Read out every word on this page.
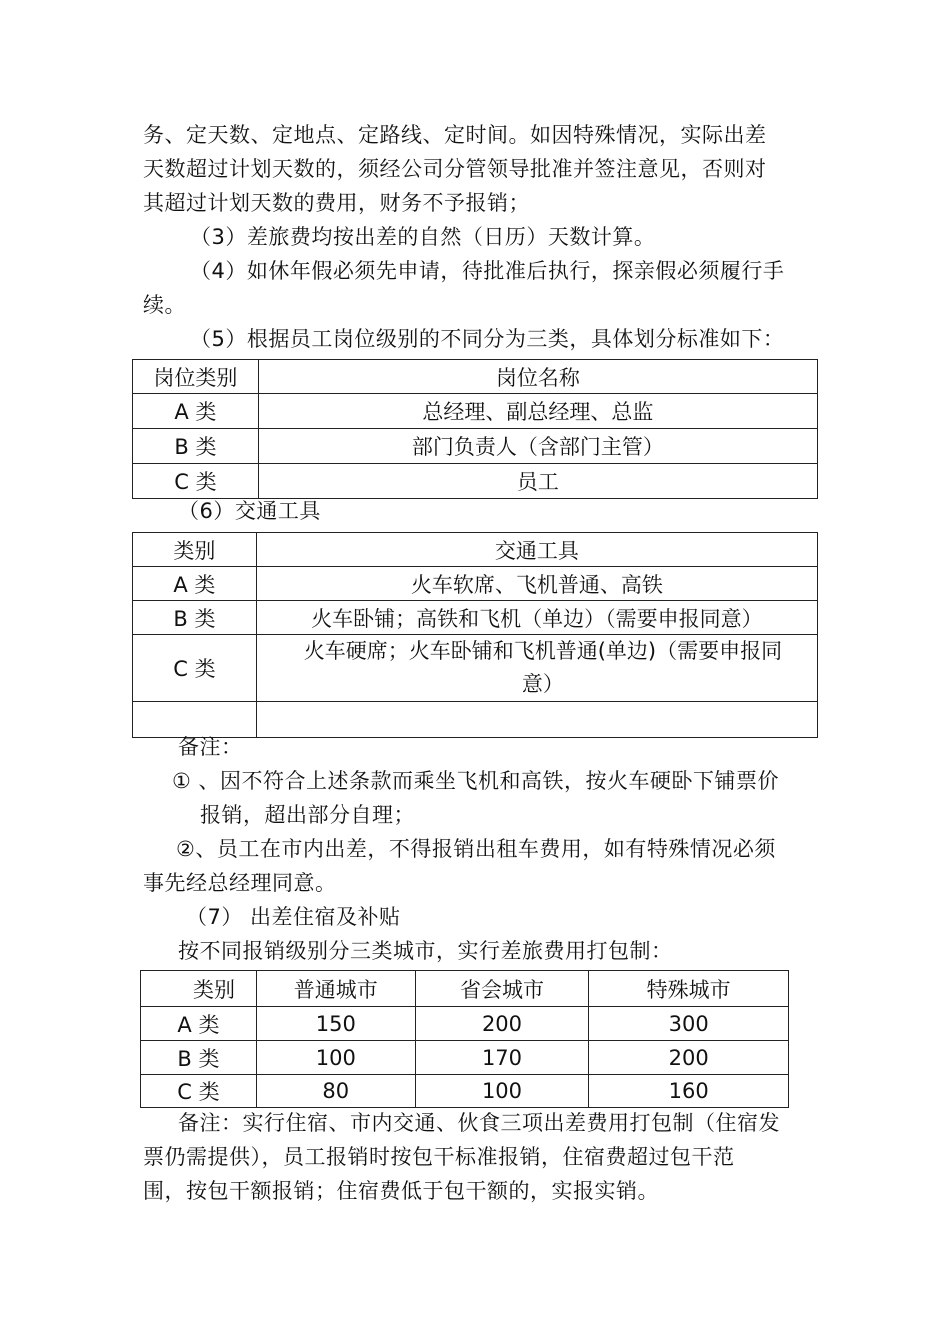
务、定天数、定地点、定路线、定时间。如因特殊情况，实际出差
天数超过计划天数的，须经公司分管领导批准并签注意见，否则对
其超过计划天数的费用，财务不予报销；
（3）差旅费均按出差的自然（日历）天数计算。
（4）如休年假必须先申请，待批准后执行，探亲假必须履行手
续。
（5）根据员工岗位级别的不同分为三类，具体划分标准如下：
岗位类别	岗位名称
A 类	总经理、副总经理、总监
B 类	部门负责人（含部门主管）
C 类	员工
（6）交通工具
类别	交通工具
A 类	火车软席、飞机普通、高铁
B 类	火车卧铺；高铁和飞机（单边）（需要申报同意）
C 类	火车硬席；火车卧铺和飞机普通(单边)（需要申报同意）

备注：
① 、因不符合上述条款而乘坐飞机和高铁，按火车硬卧下铺票价
报销，超出部分自理；
②、员工在市内出差，不得报销出租车费用，如有特殊情况必须
事先经总经理同意。
（7） 出差住宿及补贴
按不同报销级别分三类城市，实行差旅费用打包制：
类别	普通城市	省会城市	特殊城市
A 类	150	200	300
B 类	100	170	200
C 类	80	100	160
备注：实行住宿、市内交通、伙食三项出差费用打包制（住宿发
票仍需提供），员工报销时按包干标准报销，住宿费超过包干范
围，按包干额报销；住宿费低于包干额的，实报实销。
